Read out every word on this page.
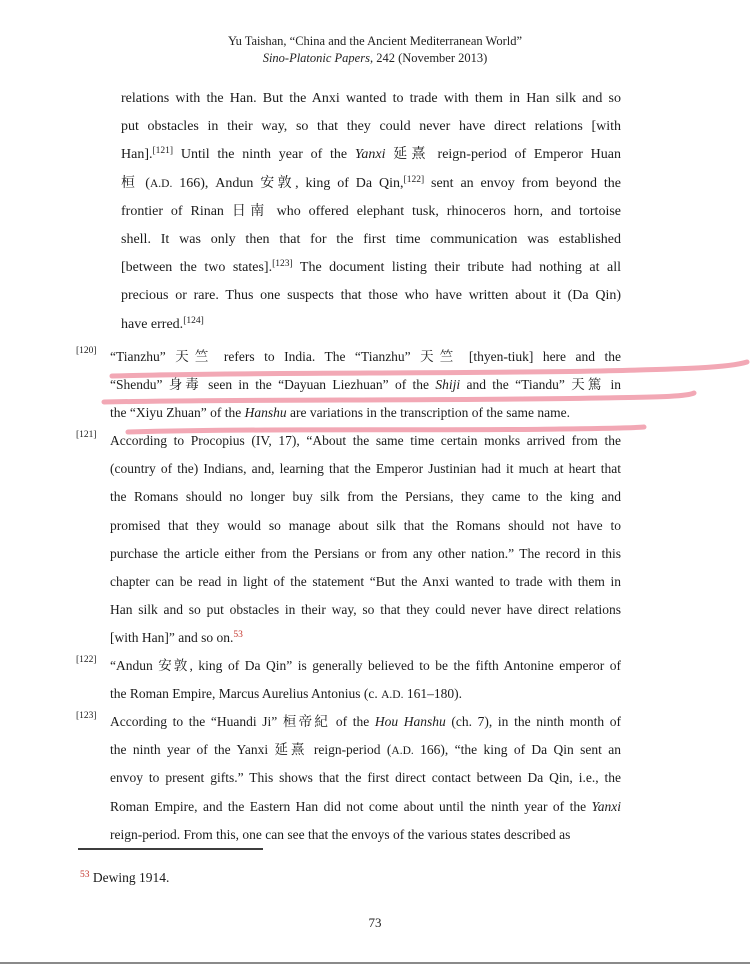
Yu Taishan, “China and the Ancient Mediterranean World”
Sino-Platonic Papers, 242 (November 2013)
relations with the Han. But the Anxi wanted to trade with them in Han silk and so
put obstacles in their way, so that they could never have direct relations [with
Han].[121] Until the ninth year of the Yanxi 延熹 reign-period of Emperor Huan
桓 (A.D. 166), Andun 安敦, king of Da Qin,[122] sent an envoy from beyond the
frontier of Rinan 日南 who offered elephant tusk, rhinoceros horn, and tortoise
shell. It was only then that for the first time communication was established
[between the two states].[123] The document listing their tribute had nothing at all
precious or rare. Thus one suspects that those who have written about it (Da Qin)
have erred.[124]
[120] “Tianzhu” 天竺 refers to India. The “Tianzhu” 天竺 [thyen-tiuk] here and the
“Shendu” 身毒 seen in the “Dayuan Liezhuan” of the Shiji and the “Tiandu” 天篤 in
the “Xiyu Zhuan” of the Hanshu are variations in the transcription of the same name.
[121] According to Procopius (IV, 17), “About the same time certain monks arrived from the
(country of the) Indians, and, learning that the Emperor Justinian had it much at heart that
the Romans should no longer buy silk from the Persians, they came to the king and
promised that they would so manage about silk that the Romans should not have to
purchase the article either from the Persians or from any other nation.” The record in this
chapter can be read in light of the statement “But the Anxi wanted to trade with them in
Han silk and so put obstacles in their way, so that they could never have direct relations
[with Han]” and so on.$^{53}$
[122] “Andun 安敦, king of Da Qin” is generally believed to be the fifth Antonine emperor of
the Roman Empire, Marcus Aurelius Antonius (c. A.D. 161–180).
[123] According to the “Huandi Ji” 桓帝紀 of the Hou Hanshu (ch. 7), in the ninth month of
the ninth year of the Yanxi 延熹 reign-period (A.D. 166), “the king of Da Qin sent an
envoy to present gifts.” This shows that the first direct contact between Da Qin, i.e., the
Roman Empire, and the Eastern Han did not come about until the ninth year of the Yanxi
reign-period. From this, one can see that the envoys of the various states described as
$^{53}$ Dewing 1914.
73
